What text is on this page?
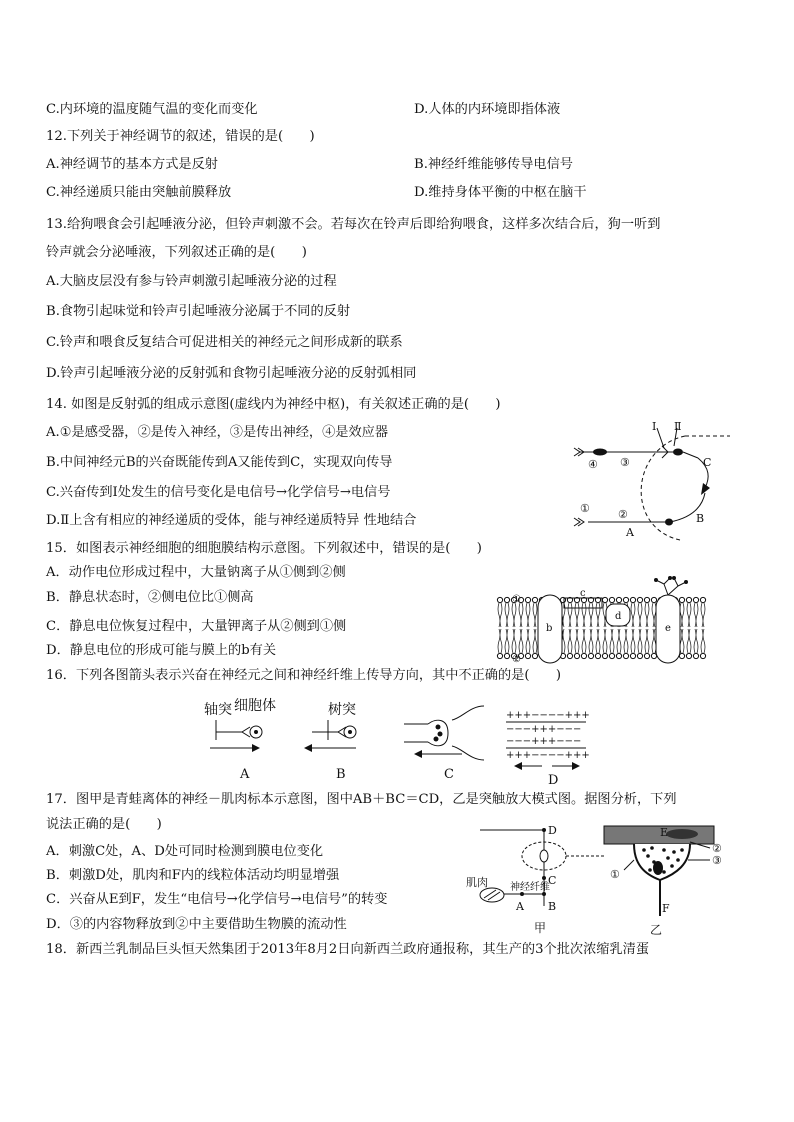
C.内环境的温度随气温的变化而变化	D.人体的内环境即指体液
12.下列关于神经调节的叙述，错误的是(　　)
A.神经调节的基本方式是反射	B.神经纤维能够传导电信号
C.神经递质只能由突触前膜释放	D.维持身体平衡的中枢在脑干
13.给狗喂食会引起唾液分泌，但铃声刺激不会。若每次在铃声后即给狗喂食，这样多次结合后，狗一听到
铃声就会分泌唾液，下列叙述正确的是(　　)
A.大脑皮层没有参与铃声刺激引起唾液分泌的过程
B.食物引起味觉和铃声引起唾液分泌属于不同的反射
C.铃声和喂食反复结合可促进相关的神经元之间形成新的联系
D.铃声引起唾液分泌的反射弧和食物引起唾液分泌的反射弧相同
14. 如图是反射弧的组成示意图(虚线内为神经中枢)，有关叙述正确的是(　　)
A.①是感受器，②是传入神经，③是传出神经，④是效应器
B.中间神经元B的兴奋既能传到A又能传到C，实现双向传导
C.兴奋传到Ⅰ处发生的信号变化是电信号→化学信号→电信号
D.Ⅱ上含有相应的神经递质的受体，能与神经递质特异 性地结合
15．如图表示神经细胞的细胞膜结构示意图。下列叙述中，错误的是(　　)
A．动作电位形成过程中，大量钠离子从①侧到②侧
B．静息状态时，②侧电位比①侧高
C．静息电位恢复过程中，大量钾离子从②侧到①侧
D．静息电位的形成可能与膜上的b有关
16．下列各图箭头表示兴奋在神经元之间和神经纤维上传导方向，其中不正确的是(　　)
17．图甲是青蛙离体的神经－肌肉标本示意图，图中AB＋BC＝CD，乙是突触放大模式图。据图分析，下列
说法正确的是(　　)
A．刺激C处，A、D处可同时检测到膜电位变化
B．刺激D处，肌肉和F内的线粒体活动均明显增强
C．兴奋从E到F，发生“电信号→化学信号→电信号”的转变
D．③的内容物释放到②中主要借助生物膜的流动性
18．新西兰乳制品巨头恒天然集团于2013年8月2日向新西兰政府通报称，其生产的3个批次浓缩乳清蛋
Ⅰ Ⅱ
④ ③
①	②
C
B
A
①
②
b
c
d
e
轴突 细胞体
A
树突
B	C
+++−−−−+++
−−−+++−−−
−−−+++−−−
+++−−−−+++
D
D
C
B
A
肌肉 神经纤维
甲
E
F
①
②
③
乙
